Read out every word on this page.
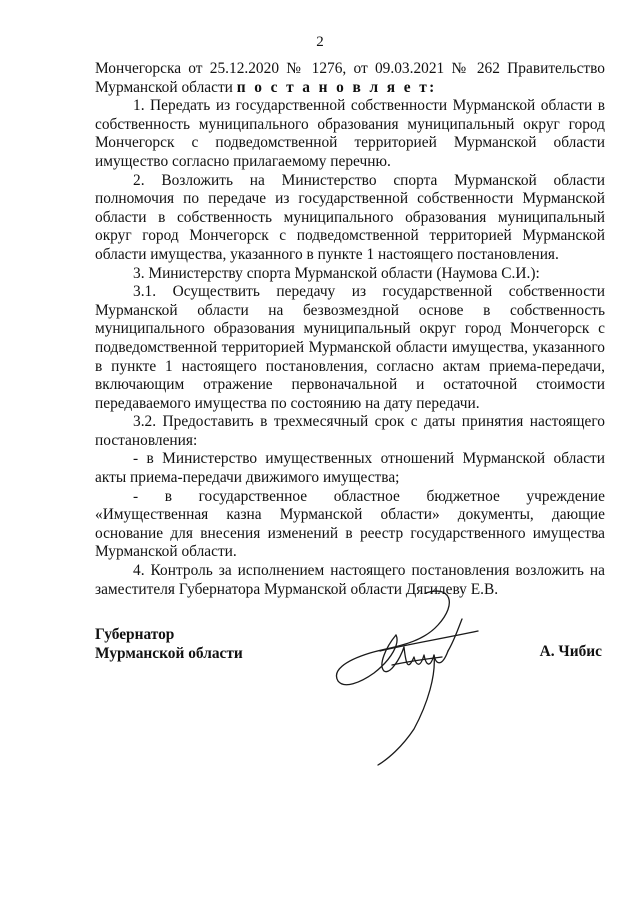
2

Мончегорска от 25.12.2020 № 1276, от 09.03.2021 № 262 Правительство Мурманской области п о с т а н о в л я е т:

1. Передать из государственной собственности Мурманской области в собственность муниципального образования муниципальный округ город Мончегорск с подведомственной территорией Мурманской области имущество согласно прилагаемому перечню.

2. Возложить на Министерство спорта Мурманской области полномочия по передаче из государственной собственности Мурманской области в собственность муниципального образования муниципальный округ город Мончегорск с подведомственной территорией Мурманской области имущества, указанного в пункте 1 настоящего постановления.

3. Министерству спорта Мурманской области (Наумова С.И.):

3.1. Осуществить передачу из государственной собственности Мурманской области на безвозмездной основе в собственность муниципального образования муниципальный округ город Мончегорск с подведомственной территорией Мурманской области имущества, указанного в пункте 1 настоящего постановления, согласно актам приема-передачи, включающим отражение первоначальной и остаточной стоимости передаваемого имущества по состоянию на дату передачи.

3.2. Предоставить в трехмесячный срок с даты принятия настоящего постановления:

- в Министерство имущественных отношений Мурманской области акты приема-передачи движимого имущества;

- в государственное областное бюджетное учреждение «Имущественная казна Мурманской области» документы, дающие основание для внесения изменений в реестр государственного имущества Мурманской области.

4. Контроль за исполнением настоящего постановления возложить на заместителя Губернатора Мурманской области Дягилеву Е.В.

Губернатор
Мурманской области	А. Чибис
